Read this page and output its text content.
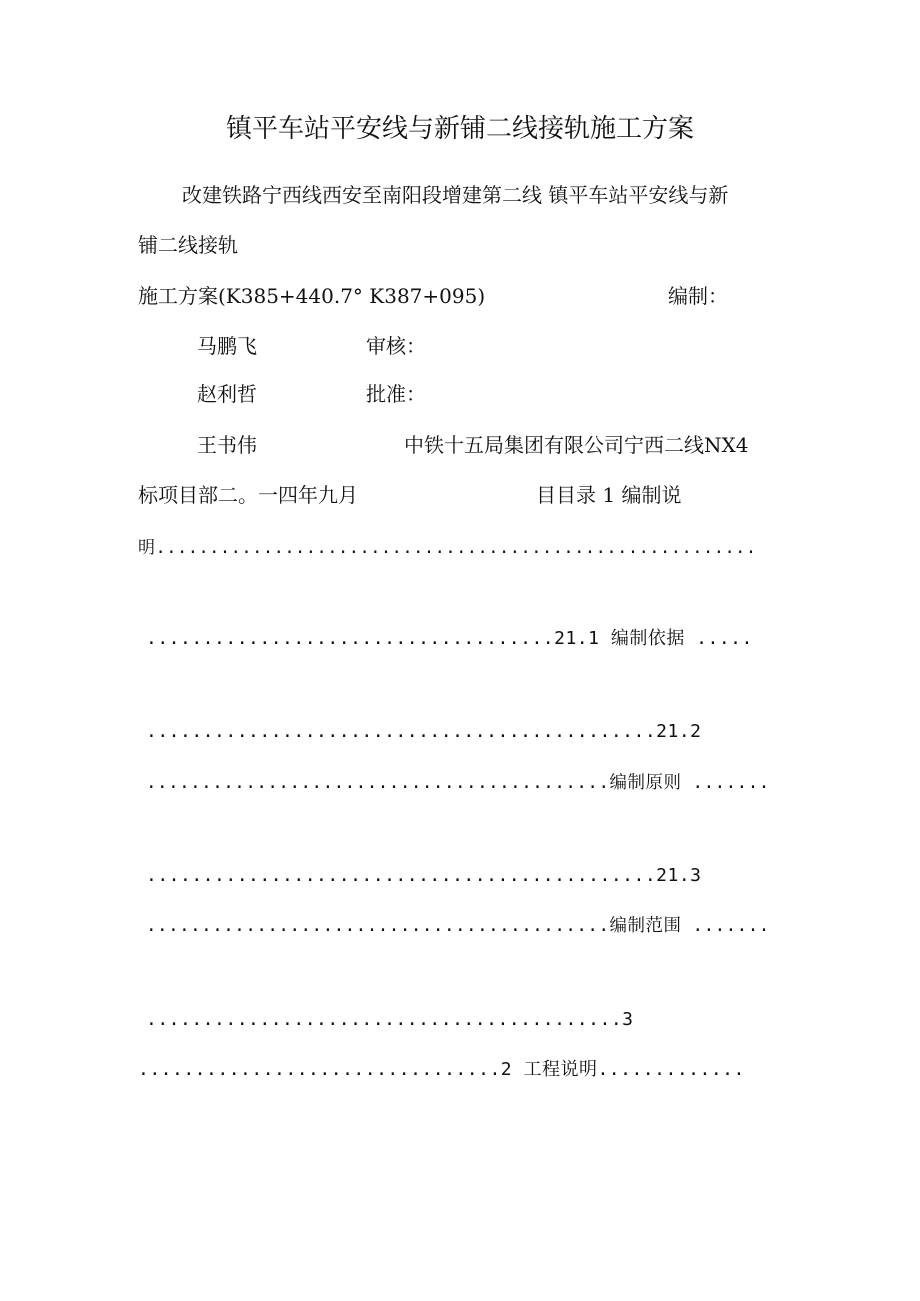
镇平车站平安线与新铺二线接轨施工方案
改建铁路宁西线西安至南阳段增建第二线 镇平车站平安线与新
铺二线接轨
施工方案(K385+440.7° K387+095)	编制：
马鹏飞	审核：
赵利哲	批准：
王书伟	中铁十五局集团有限公司宁西二线NX4
标项目部二。一四年九月	目目录 1 编制说
明........................................................
....................................21.1 编制依据 .....
.............................................21.2
..........................................编制原则 .......
.............................................21.3
..........................................编制范围 .......
..........................................3
................................2 工程说明.............
